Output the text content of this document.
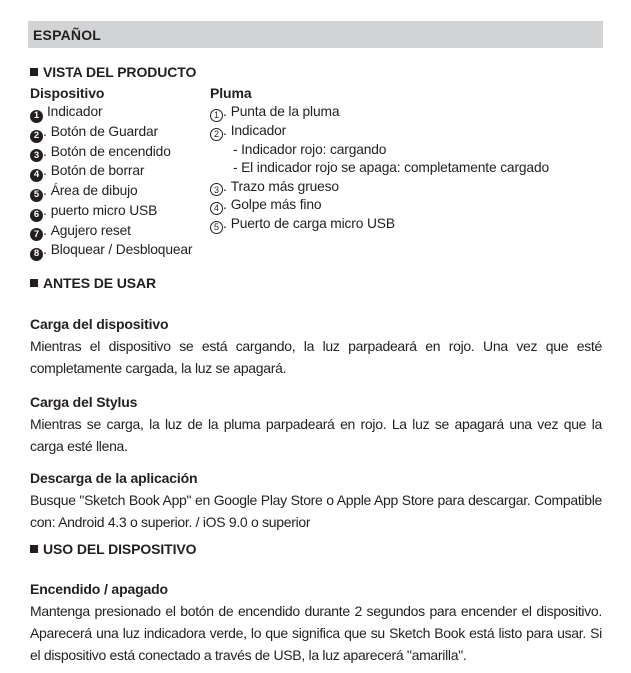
ESPAÑOL
VISTA DEL PRODUCTO
Dispositivo
1 Indicador
2 . Botón de Guardar
3 . Botón de encendido
4 . Botón de borrar
5 . Área de dibujo
6 . puerto micro USB
7 . Agujero reset
8 . Bloquear / Desbloquear
Pluma
1 . Punta de la pluma
2 . Indicador
- Indicador rojo: cargando
- El indicador rojo se apaga: completamente cargado
3 . Trazo más grueso
4 . Golpe más fino
5 . Puerto de carga micro USB
ANTES DE USAR
Carga del dispositivo

Mientras el dispositivo se está cargando, la luz parpadeará en rojo. Una vez que esté completamente cargada, la luz se apagará.

Carga del Stylus

Mientras se carga, la luz de la pluma parpadeará en rojo. La luz se apagará una vez que la carga esté llena.

Descarga de la aplicación

Busque "Sketch Book App" en Google Play Store o Apple App Store para descargar. Compatible con: Android 4.3 o superior. / iOS 9.0 o superior

USO DEL DISPOSITIVO
Encendido / apagado

Mantenga presionado el botón de encendido durante 2 segundos para encender el dispositivo. Aparecerá una luz indicadora verde, lo que significa que su Sketch Book está listo para usar. Si el dispositivo está conectado a través de USB, la luz aparecerá "amarilla".
